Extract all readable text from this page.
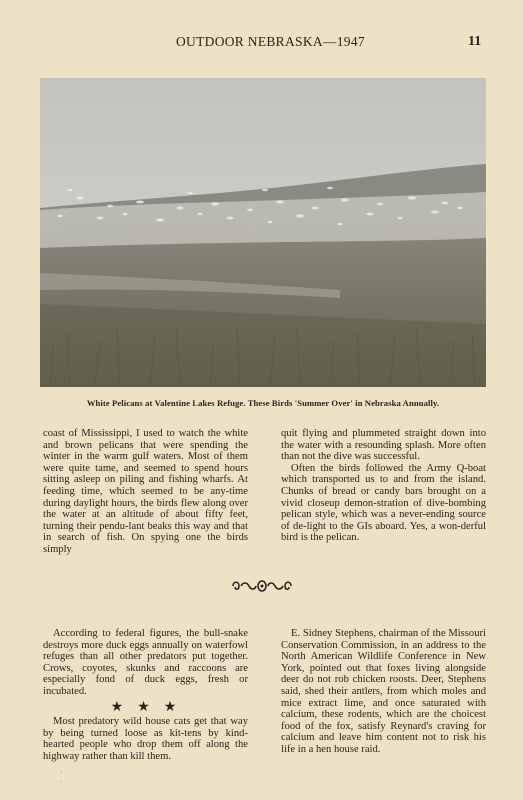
OUTDOOR NEBRASKA—1947	11
White Pelicans at Valentine Lakes Refuge. These Birds 'Summer Over' in Nebraska Annually.

coast of Mississippi, I used to watch the white and brown pelicans that were spending the winter in the warm gulf waters. Most of them were quite tame, and seemed to spend hours sitting asleep on piling and fishing wharfs. At feeding time, which seemed to be any-time during daylight hours, the birds flew along over the water at an altitude of about fifty feet, turning their pendu-lant beaks this way and that in search of fish. On spying one the birds simply

quit flying and plummeted straight down into the water with a resounding splash. More often than not the dive was successful.

Often the birds followed the Army Q-boat which transported us to and from the island. Chunks of bread or candy bars brought on a vivid closeup demon-stration of dive-bombing pelican style, which was a never-ending source of de-light to the GIs aboard. Yes, a won-derful bird is the pelican.

According to federal figures, the bull-snake destroys more duck eggs annually on waterfowl refuges than all other predators put together. Crows, coyotes, skunks and raccoons are especially fond of duck eggs, fresh or incubated.

★★★

Most predatory wild house cats get that way by being turned loose as kit-tens by kind-hearted people who drop them off along the highway rather than kill them.

E. Sidney Stephens, chairman of the Missouri Conservation Commission, in an address to the North American Wildlife Conference in New York, pointed out that foxes living alongside deer do not rob chicken roosts. Deer, Stephens said, shed their antlers, from which moles and mice extract lime, and once saturated with calcium, these rodents, which are the choicest food of the fox, satisfy Reynard's craving for calcium and leave him content not to risk his life in a hen house raid.

·
·
